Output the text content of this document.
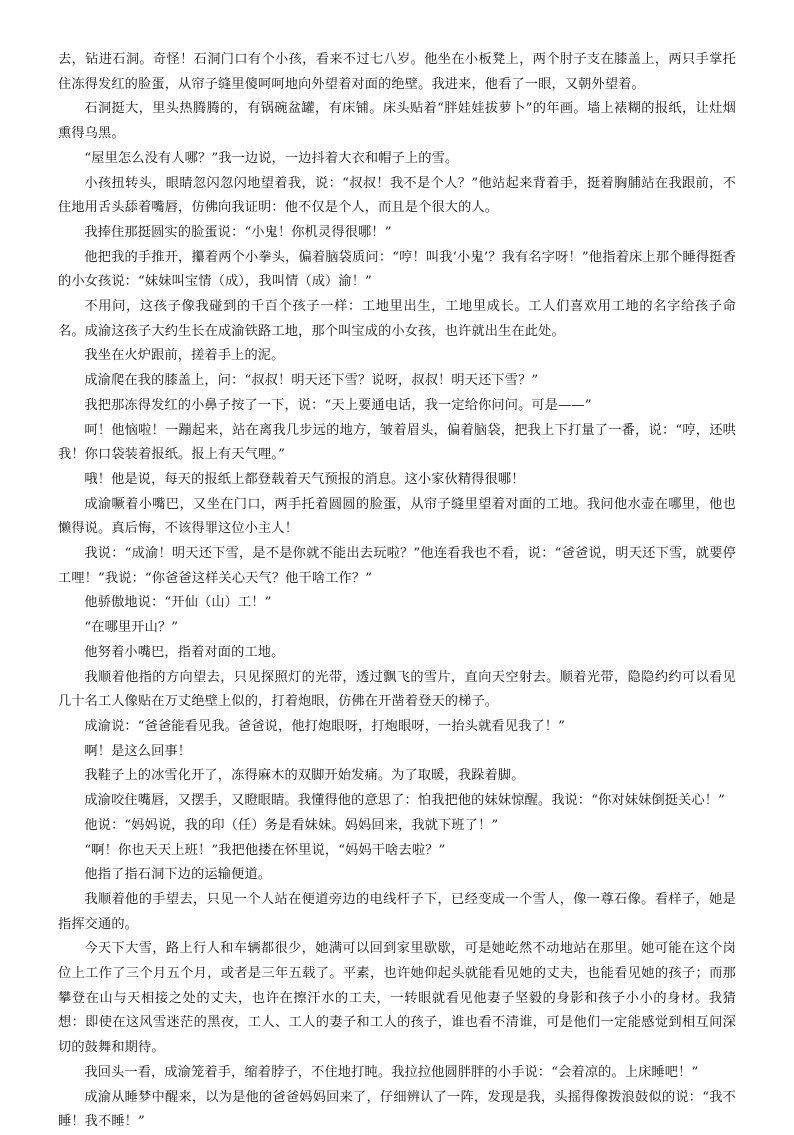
去，钻进石洞。奇怪！石洞门口有个小孩，看来不过七八岁。他坐在小板凳上，两个肘子支在膝盖上，两只手掌托住冻得发红的脸蛋，从帘子缝里傻呵呵地向外望着对面的绝壁。我进来，他看了一眼，又朝外望着。

石洞挺大，里头热腾腾的，有锅碗盆罐，有床铺。床头贴着“胖娃娃拔萝卜”的年画。墙上裱糊的报纸，让灶烟熏得乌黑。

“屋里怎么没有人哪？”我一边说，一边抖着大衣和帽子上的雪。

小孩扭转头，眼睛忽闪忽闪地望着我，说：“叔叔！我不是个人？”他站起来背着手，挺着胸脯站在我跟前，不住地用舌头舔着嘴唇，仿佛向我证明：他不仅是个人，而且是个很大的人。

我捧住那挺圆实的脸蛋说：“小鬼！你机灵得很哪！”

他把我的手推开，攥着两个小拳头，偏着脑袋质问：“哼！叫我‘小鬼’？我有名字呀！”他指着床上那个睡得挺香的小女孩说：“妹妹叫宝情（成），我叫情（成）渝！”

不用问，这孩子像我碰到的千百个孩子一样：工地里出生，工地里成长。工人们喜欢用工地的名字给孩子命名。成渝这孩子大约生长在成渝铁路工地，那个叫宝成的小女孩，也许就出生在此处。

我坐在火炉跟前，搓着手上的泥。

成渝爬在我的膝盖上，问：“叔叔！明天还下雪？说呀，叔叔！明天还下雪？”

我把那冻得发红的小鼻子按了一下，说：“天上要通电话，我一定给你问问。可是——”

呵！他恼啦！一蹦起来，站在离我几步远的地方，皱着眉头，偏着脑袋，把我上下打量了一番，说：“哼，还哄我！你口袋装着报纸。报上有天气哩。”

哦！他是说，每天的报纸上都登载着天气预报的消息。这小家伙精得很哪！

成渝噘着小嘴巴，又坐在门口，两手托着圆圆的脸蛋，从帘子缝里望着对面的工地。我问他水壶在哪里，他也懒得说。真后悔，不该得罪这位小主人！

我说：“成渝！明天还下雪，是不是你就不能出去玩啦？”他连看我也不看，说：“爸爸说，明天还下雪，就要停工哩！”我说：“你爸爸这样关心天气？他干啥工作？”

他骄傲地说：“开仙（山）工！”

“在哪里开山？”

他努着小嘴巴，指着对面的工地。

我顺着他指的方向望去，只见探照灯的光带，透过飘飞的雪片，直向天空射去。顺着光带，隐隐约约可以看见几十名工人像贴在万丈绝壁上似的，打着炮眼，仿佛在开凿着登天的梯子。

成渝说：“爸爸能看见我。爸爸说，他打炮眼呀，打炮眼呀，一抬头就看见我了！”

啊！是这么回事！

我鞋子上的冰雪化开了，冻得麻木的双脚开始发痛。为了取暖，我跺着脚。

成渝咬住嘴唇，又摆手，又瞪眼睛。我懂得他的意思了：怕我把他的妹妹惊醒。我说：“你对妹妹倒挺关心！”

他说：“妈妈说，我的印（任）务是看妹妹。妈妈回来，我就下班了！”

“啊！你也天天上班！”我把他搂在怀里说，“妈妈干啥去啦？”

他指了指石洞下边的运输便道。

我顺着他的手望去，只见一个人站在便道旁边的电线杆子下，已经变成一个雪人，像一尊石像。看样子，她是指挥交通的。

今天下大雪，路上行人和车辆都很少，她满可以回到家里歇歇，可是她屹然不动地站在那里。她可能在这个岗位上工作了三个月五个月，或者是三年五载了。平素，也许她仰起头就能看见她的丈夫，也能看见她的孩子；而那攀登在山与天相接之处的丈夫，也许在擦汗水的工夫，一转眼就看见他妻子坚毅的身影和孩子小小的身材。我猜想：即使在这风雪迷茫的黑夜，工人、工人的妻子和工人的孩子，谁也看不清谁，可是他们一定能感觉到相互间深切的鼓舞和期待。

我回头一看，成渝笼着手，缩着脖子，不住地打盹。我拉拉他圆胖胖的小手说：“会着凉的。上床睡吧！”

成渝从睡梦中醒来，以为是他的爸爸妈妈回来了，仔细辨认了一阵，发现是我，头摇得像拨浪鼓似的说：“我不睡！我不睡！”
